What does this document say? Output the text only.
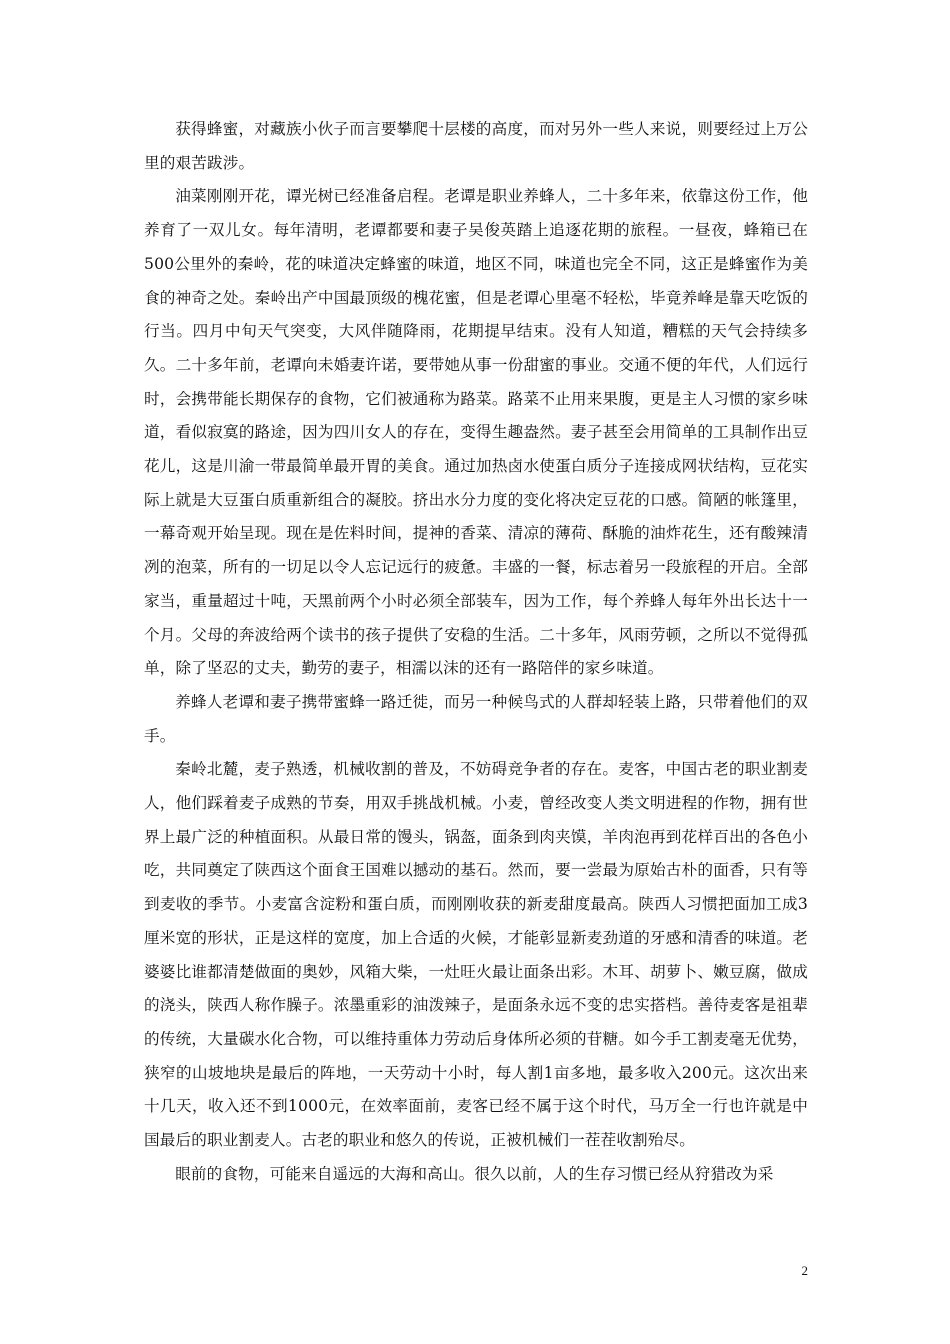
获得蜂蜜，对藏族小伙子而言要攀爬十层楼的高度，而对另外一些人来说，则要经过上万公里的艰苦跋涉。

油菜刚刚开花，谭光树已经准备启程。老谭是职业养蜂人，二十多年来，依靠这份工作，他养育了一双儿女。每年清明，老谭都要和妻子吴俊英踏上追逐花期的旅程。一昼夜，蜂箱已在500公里外的秦岭，花的味道决定蜂蜜的味道，地区不同，味道也完全不同，这正是蜂蜜作为美食的神奇之处。秦岭出产中国最顶级的槐花蜜，但是老谭心里毫不轻松，毕竟养峰是靠天吃饭的行当。四月中旬天气突变，大风伴随降雨，花期提早结束。没有人知道，糟糕的天气会持续多久。二十多年前，老谭向未婚妻许诺，要带她从事一份甜蜜的事业。交通不便的年代，人们远行时，会携带能长期保存的食物，它们被通称为路菜。路菜不止用来果腹，更是主人习惯的家乡味道，看似寂寞的路途，因为四川女人的存在，变得生趣盎然。妻子甚至会用简单的工具制作出豆花儿，这是川渝一带最简单最开胃的美食。通过加热卤水使蛋白质分子连接成网状结构，豆花实际上就是大豆蛋白质重新组合的凝胶。挤出水分力度的变化将决定豆花的口感。简陋的帐篷里，一幕奇观开始呈现。现在是佐料时间，提神的香菜、清凉的薄荷、酥脆的油炸花生，还有酸辣清冽的泡菜，所有的一切足以令人忘记远行的疲惫。丰盛的一餐，标志着另一段旅程的开启。全部家当，重量超过十吨，天黑前两个小时必须全部装车，因为工作，每个养蜂人每年外出长达十一个月。父母的奔波给两个读书的孩子提供了安稳的生活。二十多年，风雨劳顿，之所以不觉得孤单，除了坚忍的丈夫，勤劳的妻子，相濡以沫的还有一路陪伴的家乡味道。

养蜂人老谭和妻子携带蜜蜂一路迁徙，而另一种候鸟式的人群却轻装上路，只带着他们的双手。

秦岭北麓，麦子熟透，机械收割的普及，不妨碍竞争者的存在。麦客，中国古老的职业割麦人，他们踩着麦子成熟的节奏，用双手挑战机械。小麦，曾经改变人类文明进程的作物，拥有世界上最广泛的种植面积。从最日常的馒头，锅盔，面条到肉夹馍，羊肉泡再到花样百出的各色小吃，共同奠定了陕西这个面食王国难以撼动的基石。然而，要一尝最为原始古朴的面香，只有等到麦收的季节。小麦富含淀粉和蛋白质，而刚刚收获的新麦甜度最高。陕西人习惯把面加工成3厘米宽的形状，正是这样的宽度，加上合适的火候，才能彰显新麦劲道的牙感和清香的味道。老婆婆比谁都清楚做面的奥妙，风箱大柴，一灶旺火最让面条出彩。木耳、胡萝卜、嫩豆腐，做成的浇头，陕西人称作臊子。浓墨重彩的油泼辣子，是面条永远不变的忠实搭档。善待麦客是祖辈的传统，大量碳水化合物，可以维持重体力劳动后身体所必须的苷糖。如今手工割麦毫无优势，狭窄的山坡地块是最后的阵地，一天劳动十小时，每人割1亩多地，最多收入200元。这次出来十几天，收入还不到1000元，在效率面前，麦客已经不属于这个时代，马万全一行也许就是中国最后的职业割麦人。古老的职业和悠久的传说，正被机械们一茬茬收割殆尽。

眼前的食物，可能来自遥远的大海和高山。很久以前，人的生存习惯已经从狩猎改为采

2
